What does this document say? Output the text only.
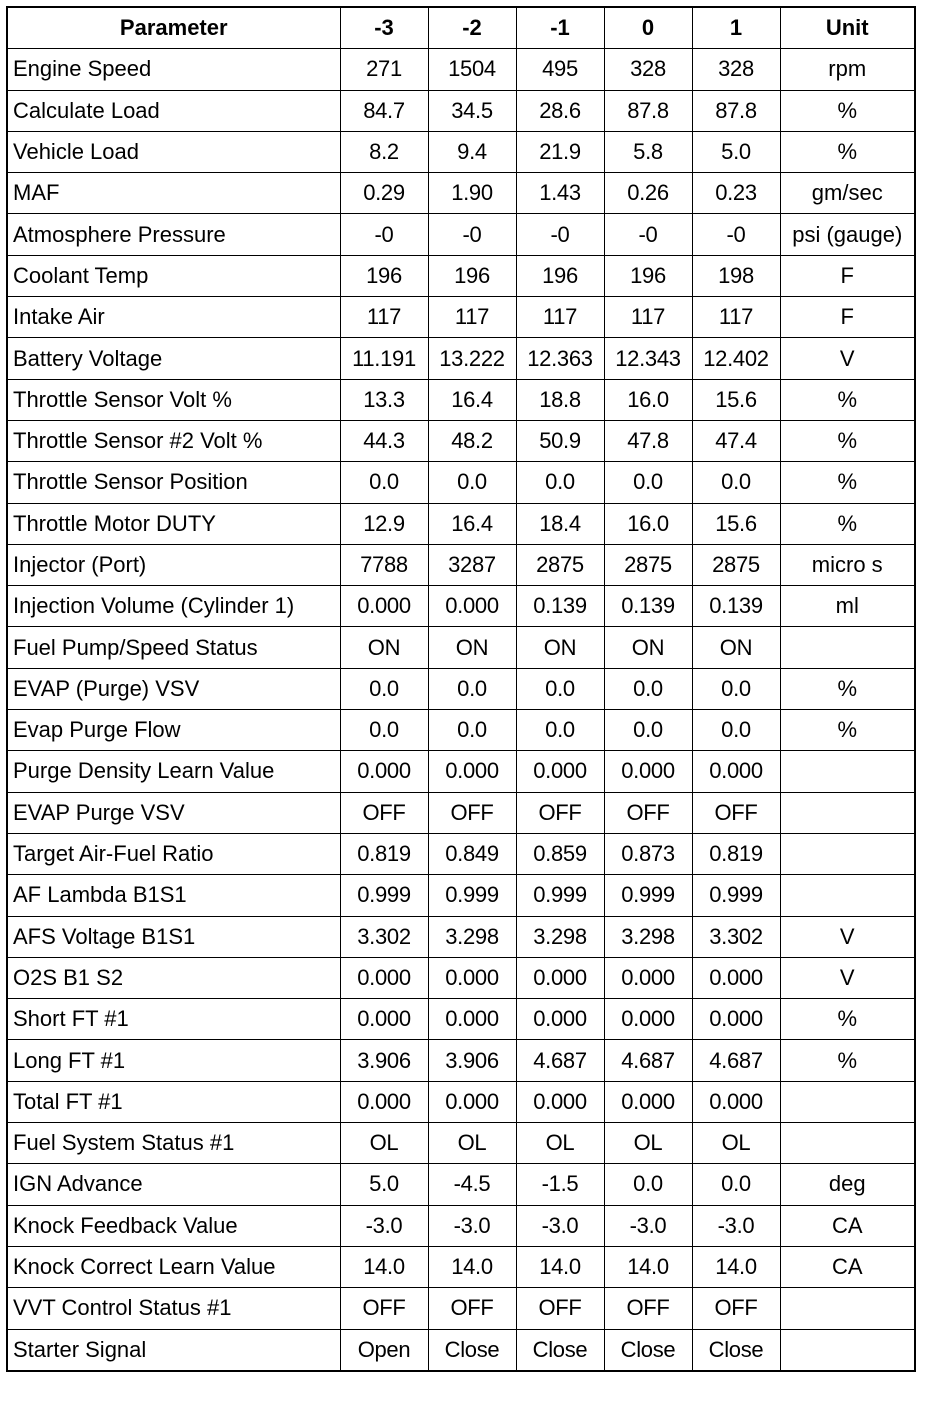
Parameter	-3	-2	-1	0	1	Unit
Engine Speed	271	1504	495	328	328	rpm
Calculate Load	84.7	34.5	28.6	87.8	87.8	%
Vehicle Load	8.2	9.4	21.9	5.8	5.0	%
MAF	0.29	1.90	1.43	0.26	0.23	gm/sec
Atmosphere Pressure	-0	-0	-0	-0	-0	psi (gauge)
Coolant Temp	196	196	196	196	198	F
Intake Air	117	117	117	117	117	F
Battery Voltage	11.191	13.222	12.363	12.343	12.402	V
Throttle Sensor Volt %	13.3	16.4	18.8	16.0	15.6	%
Throttle Sensor #2 Volt %	44.3	48.2	50.9	47.8	47.4	%
Throttle Sensor Position	0.0	0.0	0.0	0.0	0.0	%
Throttle Motor DUTY	12.9	16.4	18.4	16.0	15.6	%
Injector (Port)	7788	3287	2875	2875	2875	micro s
Injection Volume (Cylinder 1)	0.000	0.000	0.139	0.139	0.139	ml
Fuel Pump/Speed Status	ON	ON	ON	ON	ON	
EVAP (Purge) VSV	0.0	0.0	0.0	0.0	0.0	%
Evap Purge Flow	0.0	0.0	0.0	0.0	0.0	%
Purge Density Learn Value	0.000	0.000	0.000	0.000	0.000	
EVAP Purge VSV	OFF	OFF	OFF	OFF	OFF	
Target Air-Fuel Ratio	0.819	0.849	0.859	0.873	0.819	
AF Lambda B1S1	0.999	0.999	0.999	0.999	0.999	
AFS Voltage B1S1	3.302	3.298	3.298	3.298	3.302	V
O2S B1 S2	0.000	0.000	0.000	0.000	0.000	V
Short FT #1	0.000	0.000	0.000	0.000	0.000	%
Long FT #1	3.906	3.906	4.687	4.687	4.687	%
Total FT #1	0.000	0.000	0.000	0.000	0.000	
Fuel System Status #1	OL	OL	OL	OL	OL	
IGN Advance	5.0	-4.5	-1.5	0.0	0.0	deg
Knock Feedback Value	-3.0	-3.0	-3.0	-3.0	-3.0	CA
Knock Correct Learn Value	14.0	14.0	14.0	14.0	14.0	CA
VVT Control Status #1	OFF	OFF	OFF	OFF	OFF	
Starter Signal	Open	Close	Close	Close	Close	
